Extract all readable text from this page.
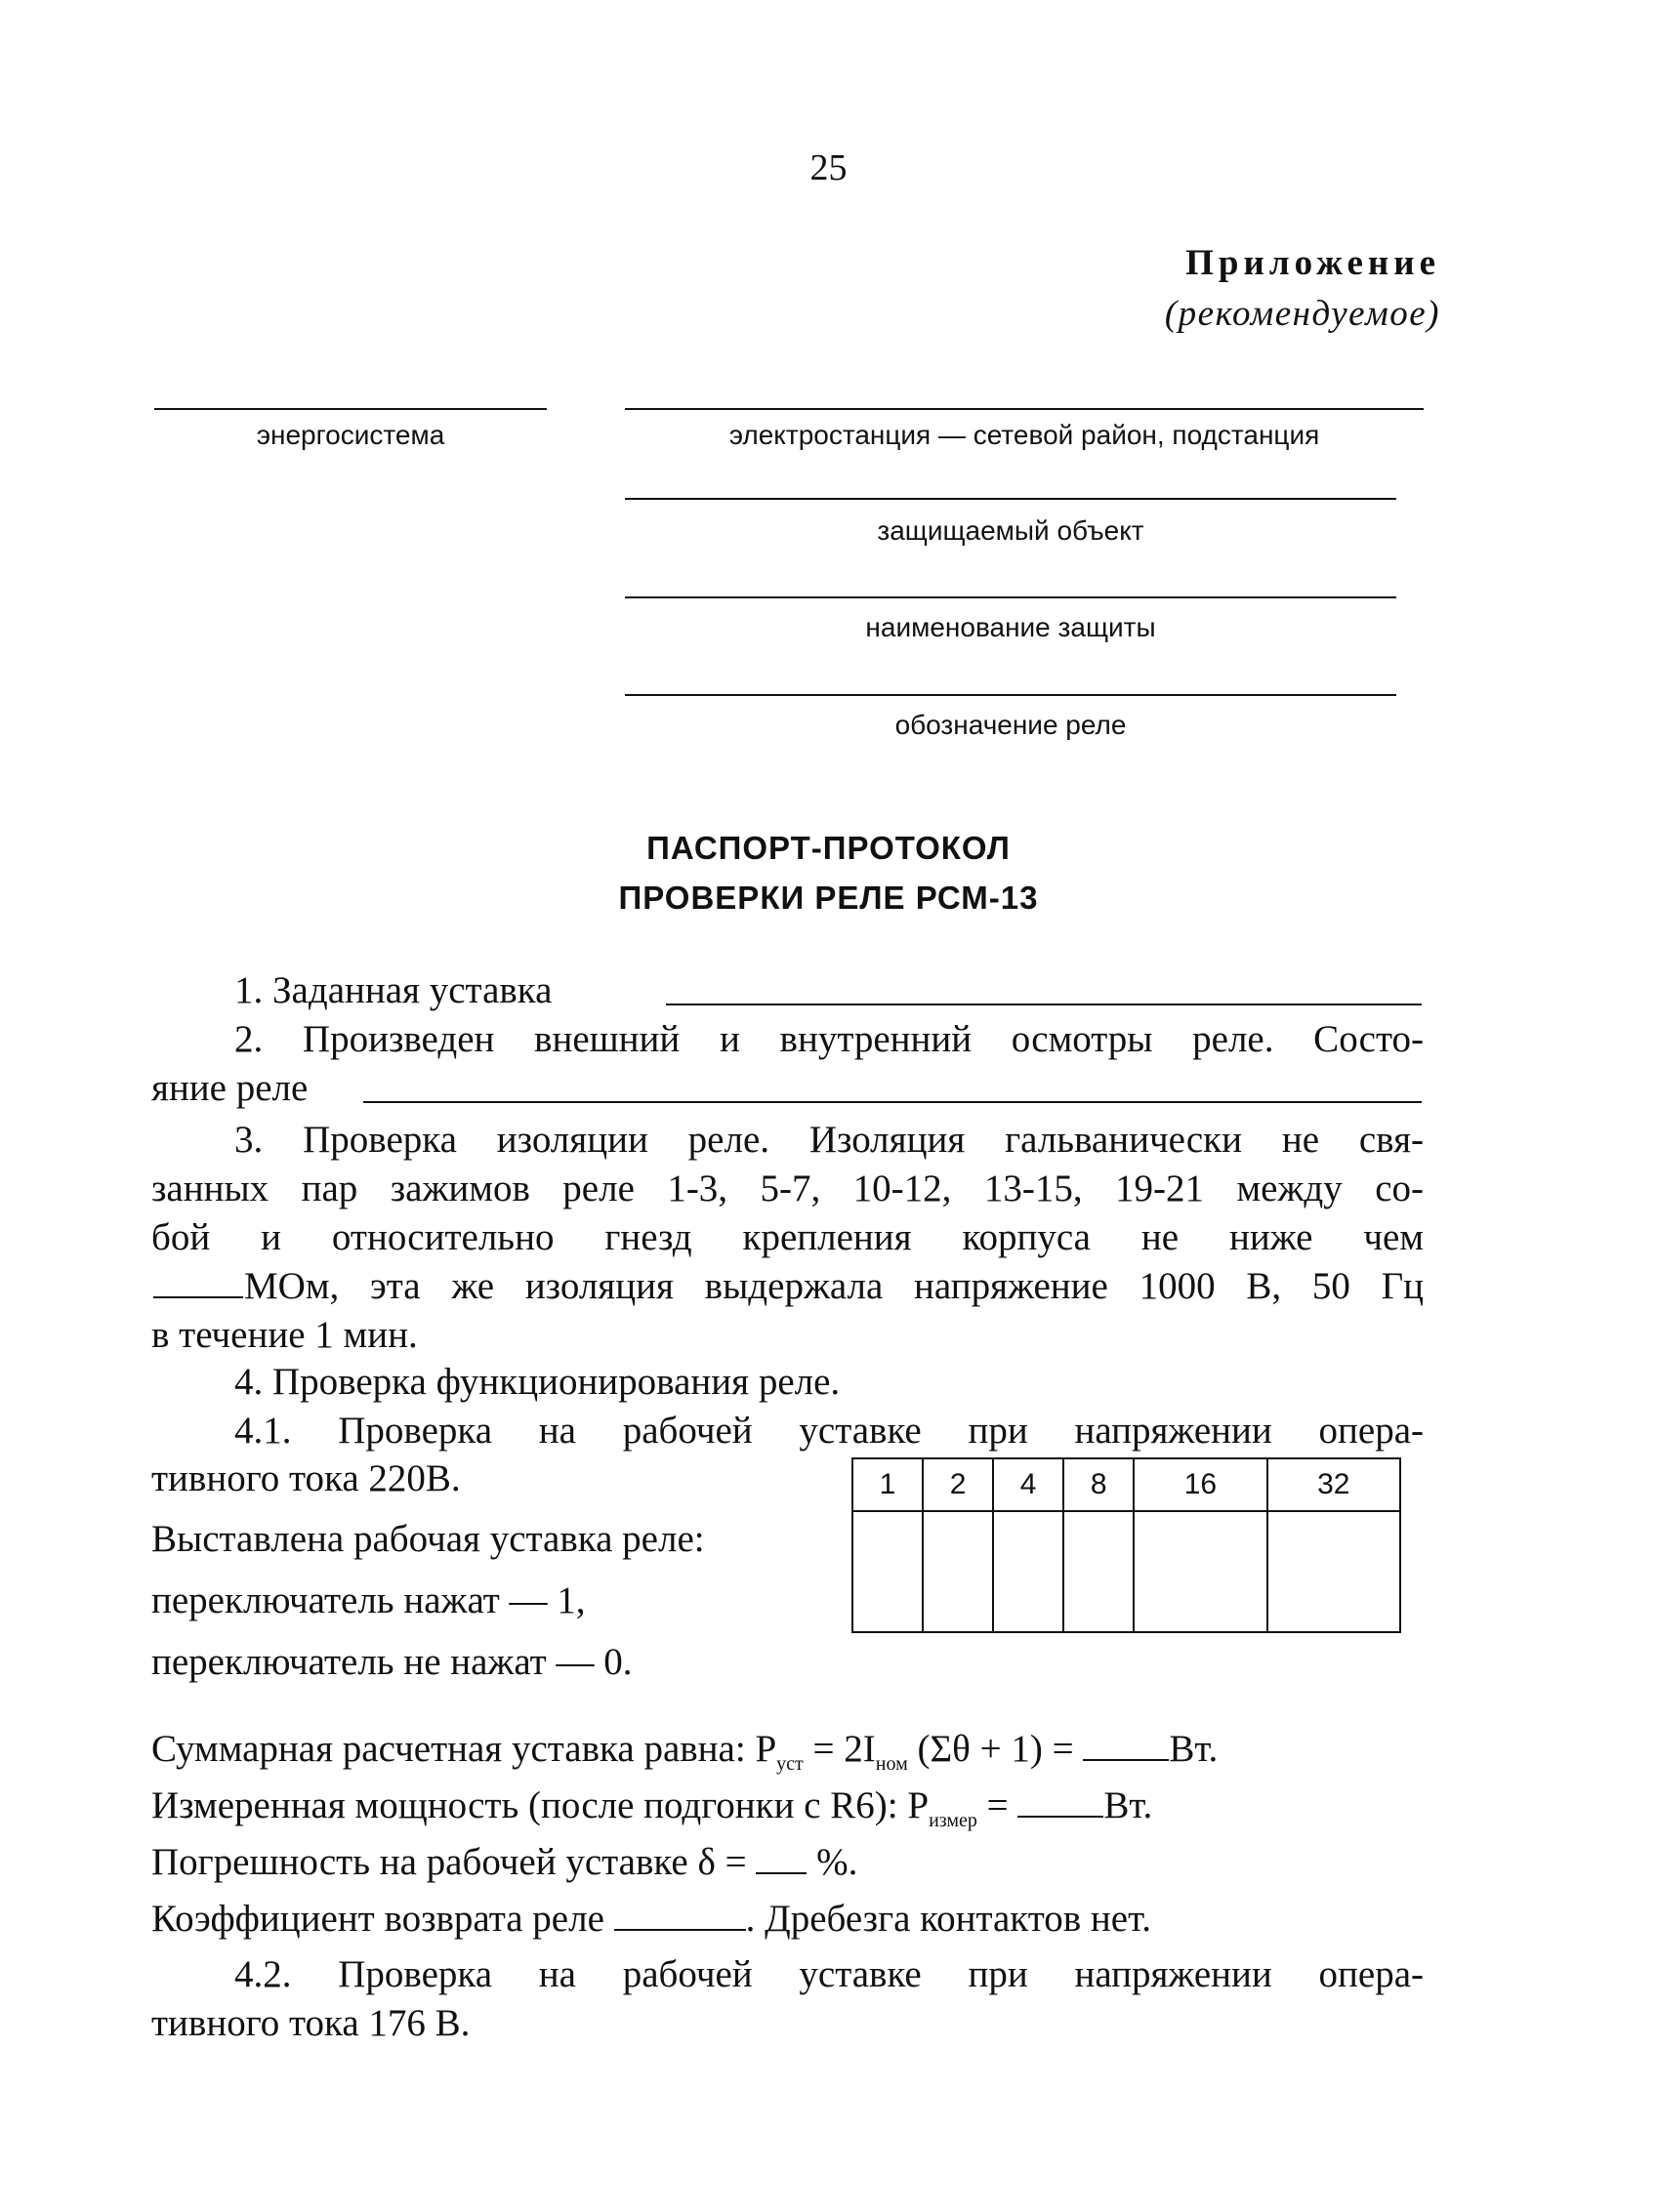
25
Приложение
(рекомендуемое)
энергосистема	электростанция — сетевой район, подстанция
защищаемый объект
наименование защиты
обозначение реле
ПАСПОРТ-ПРОТОКОЛ
ПРОВЕРКИ РЕЛЕ РСМ-13
1. Заданная уставка
2. Произведен внешний и внутренний осмотры реле. Состо-
яние реле
3. Проверка изоляции реле. Изоляция гальванически не свя-
занных пар зажимов реле 1-3, 5-7, 10-12, 13-15, 19-21 между со-
бой и относительно гнезд крепления корпуса не ниже чем
МОм, эта же изоляция выдержала напряжение 1000 В, 50 Гц
в течение 1 мин.
4. Проверка функционирования реле.
4.1. Проверка на рабочей уставке при напряжении опера-
тивного тока 220В.
Выставлена рабочая уставка реле:
переключатель нажат — 1,
переключатель не нажат — 0.
1	2	4	8	16	32

Суммарная расчетная уставка равна: $Р_{уст} = 2I_{ном}$ (Σθ + 1) = Вт.
Измеренная мощность (после подгонки с R6): $Р_{измер}$ = Вт.
Погрешность на рабочей уставке δ =  %.
Коэффициент возврата реле	. Дребезга контактов нет.
4.2. Проверка на рабочей уставке при напряжении опера-
тивного тока 176 В.
